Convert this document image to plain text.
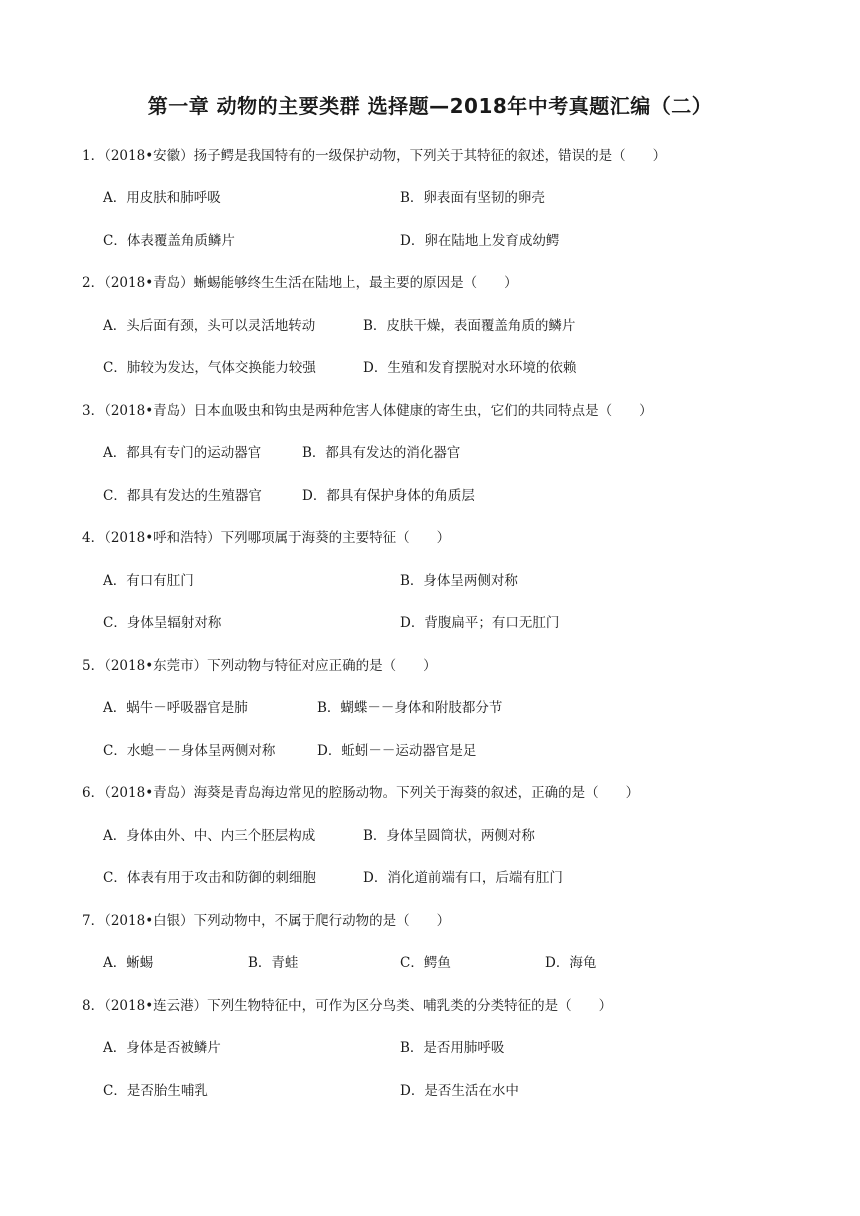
第一章 动物的主要类群 选择题—2018年中考真题汇编（二）
1．（2018•安徽）扬子鳄是我国特有的一级保护动物，下列关于其特征的叙述，错误的是（　　）
A．用皮肤和肺呼吸	B．卵表面有坚韧的卵壳
C．体表覆盖角质鳞片	D．卵在陆地上发育成幼鳄
2．（2018•青岛）蜥蜴能够终生生活在陆地上，最主要的原因是（　　）
A．头后面有颈，头可以灵活地转动	B．皮肤干燥，表面覆盖角质的鳞片
C．肺较为发达，气体交换能力较强	D．生殖和发育摆脱对水环境的依赖
3．（2018•青岛）日本血吸虫和钩虫是两种危害人体健康的寄生虫，它们的共同特点是（　　）
A．都具有专门的运动器官	B．都具有发达的消化器官
C．都具有发达的生殖器官	D．都具有保护身体的角质层
4．（2018•呼和浩特）下列哪项属于海葵的主要特征（　　）
A．有口有肛门	B．身体呈两侧对称
C．身体呈辐射对称	D．背腹扁平；有口无肛门
5．（2018•东莞市）下列动物与特征对应正确的是（　　）
A．蜗牛－呼吸器官是肺	B．蝴蝶－－身体和附肢都分节
C．水螅－－身体呈两侧对称	D．蚯蚓－－运动器官是足
6．（2018•青岛）海葵是青岛海边常见的腔肠动物。下列关于海葵的叙述，正确的是（　　）
A．身体由外、中、内三个胚层构成	B．身体呈圆筒状，两侧对称
C．体表有用于攻击和防御的刺细胞	D．消化道前端有口，后端有肛门
7．（2018•白银）下列动物中，不属于爬行动物的是（　　）
A．蜥蜴	B．青蛙	C．鳄鱼	D．海龟
8．（2018•连云港）下列生物特征中，可作为区分鸟类、哺乳类的分类特征的是（　　）
A．身体是否被鳞片	B．是否用肺呼吸
C．是否胎生哺乳	D．是否生活在水中
